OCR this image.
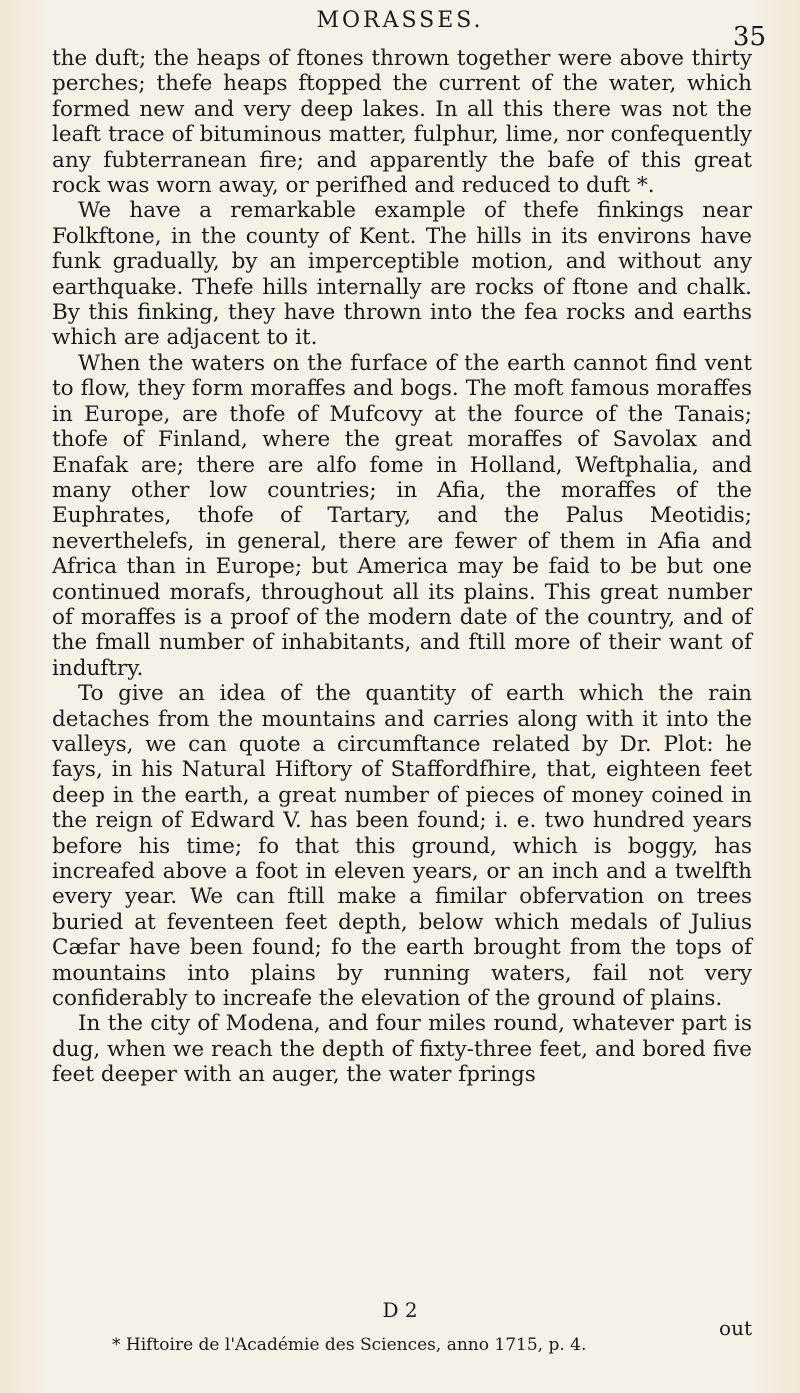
MORASSES.
35

the duft; the heaps of ftones thrown together were above thirty perches; thefe heaps ftopped the current of the water, which formed new and very deep lakes. In all this there was not the leaft trace of bituminous matter, fulphur, lime, nor confequently any fubterranean fire; and apparently the bafe of this great rock was worn away, or perifhed and reduced to duft *.

We have a remarkable example of thefe finkings near Folkftone, in the county of Kent. The hills in its environs have funk gradually, by an imperceptible motion, and without any earthquake. Thefe hills internally are rocks of ftone and chalk. By this finking, they have thrown into the fea rocks and earths which are adjacent to it.

When the waters on the furface of the earth cannot find vent to flow, they form moraffes and bogs. The moft famous moraffes in Europe, are thofe of Mufcovy at the fource of the Tanais; thofe of Finland, where the great moraffes of Savolax and Enafak are; there are alfo fome in Holland, Weftphalia, and many other low countries; in Afia, the moraffes of the Euphrates, thofe of Tartary, and the Palus Meotidis; neverthelefs, in general, there are fewer of them in Afia and Africa than in Europe; but America may be faid to be but one continued morafs, throughout all its plains. This great number of moraffes is a proof of the modern date of the country, and of the fmall number of inhabitants, and ftill more of their want of induftry.

To give an idea of the quantity of earth which the rain detaches from the mountains and carries along with it into the valleys, we can quote a circumftance related by Dr. Plot: he fays, in his Natural Hiftory of Staffordfhire, that, eighteen feet deep in the earth, a great number of pieces of money coined in the reign of Edward V. has been found; i. e. two hundred years before his time; fo that this ground, which is boggy, has increafed above a foot in eleven years, or an inch and a twelfth every year. We can ftill make a fimilar obfervation on trees buried at feventeen feet depth, below which medals of Julius Cæfar have been found; fo the earth brought from the tops of mountains into plains by running waters, fail not very confiderably to increafe the elevation of the ground of plains.

In the city of Modena, and four miles round, whatever part is dug, when we reach the depth of fixty-three feet, and bored five feet deeper with an auger, the water fprings

D 2
out
* Hiftoire de l'Académie des Sciences, anno 1715, p. 4.
